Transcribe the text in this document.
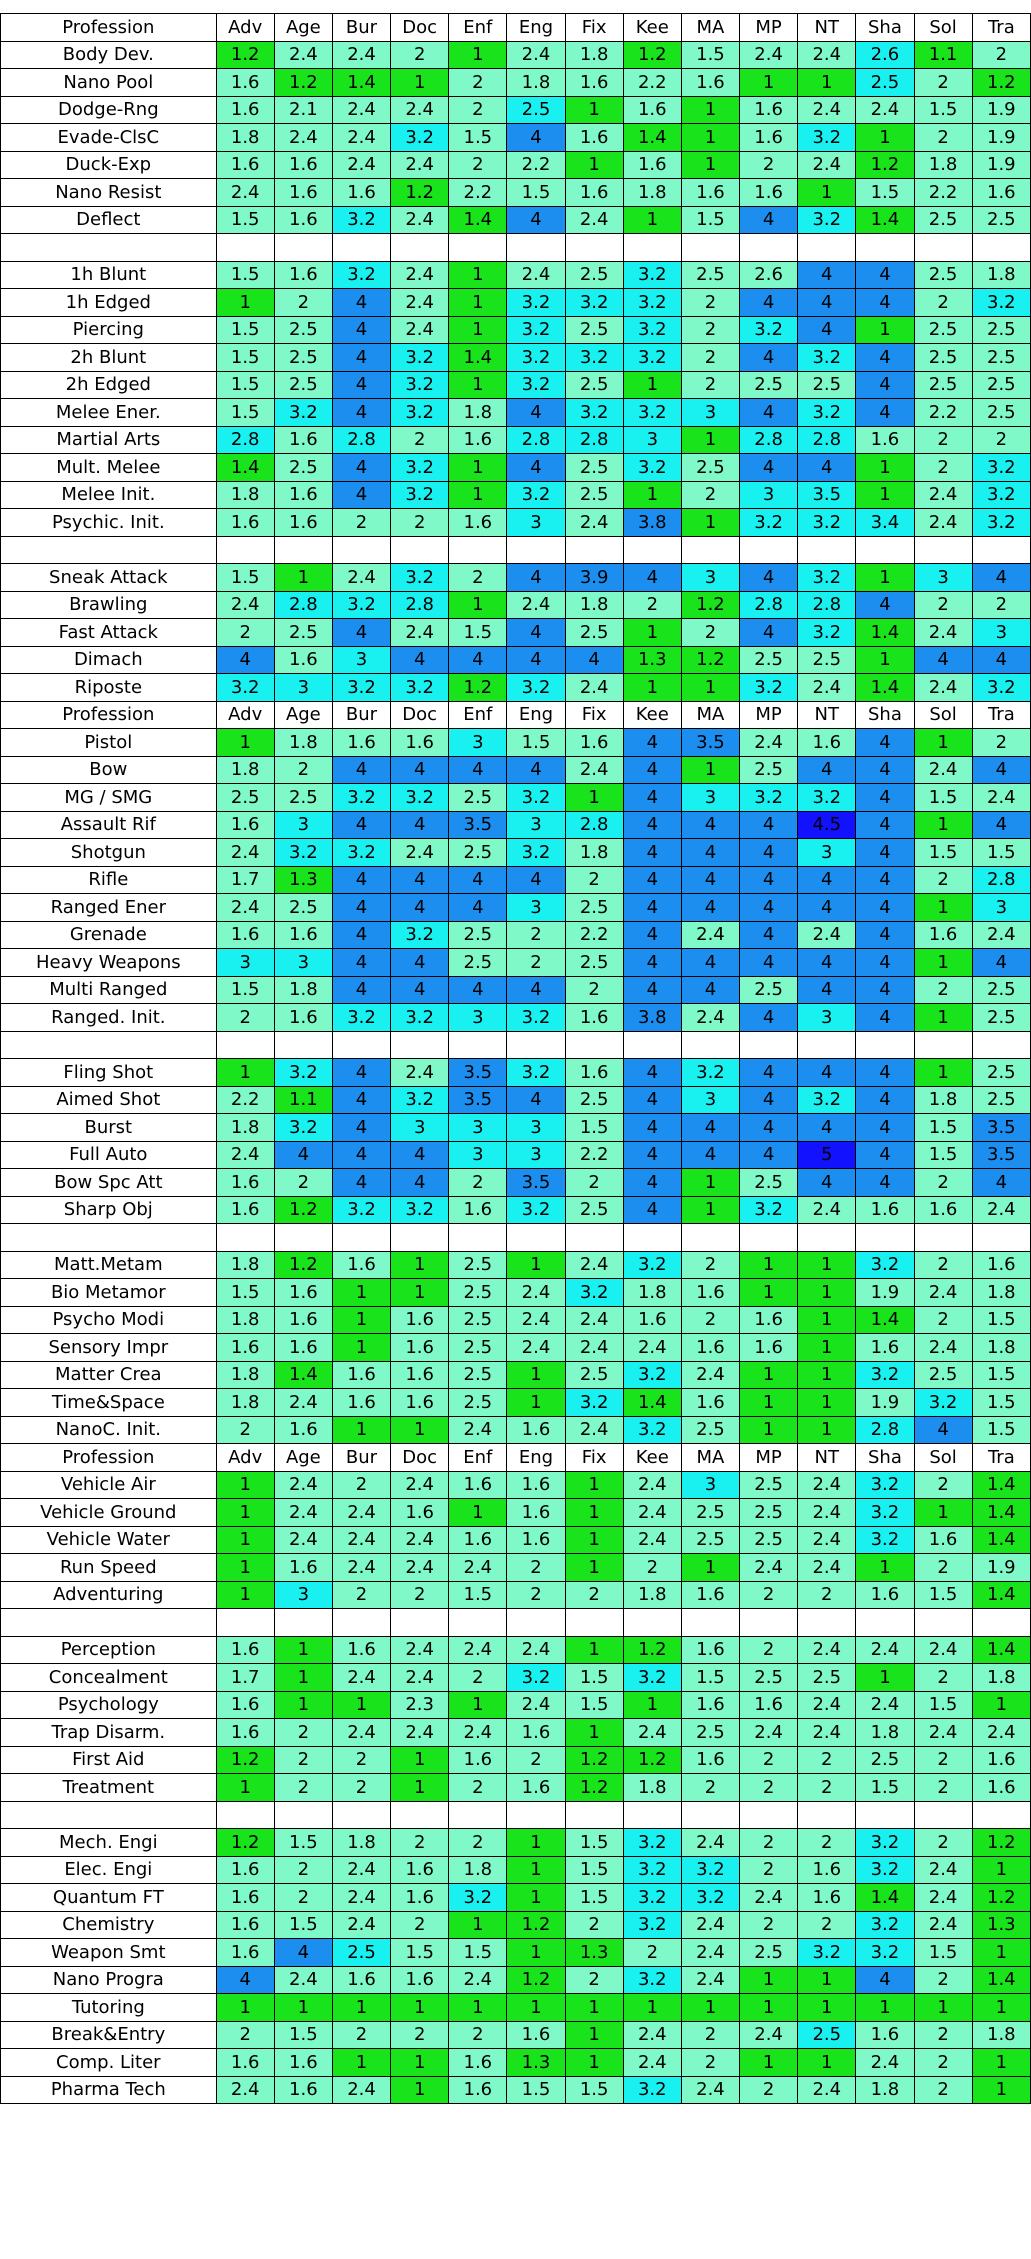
Profession	Adv	Age	Bur	Doc	Enf	Eng	Fix	Kee	MA	MP	NT	Sha	Sol	Tra
Body Dev.	1.2	2.4	2.4	2	1	2.4	1.8	1.2	1.5	2.4	2.4	2.6	1.1	2
Nano Pool	1.6	1.2	1.4	1	2	1.8	1.6	2.2	1.6	1	1	2.5	2	1.2
Dodge-Rng	1.6	2.1	2.4	2.4	2	2.5	1	1.6	1	1.6	2.4	2.4	1.5	1.9
Evade-ClsC	1.8	2.4	2.4	3.2	1.5	4	1.6	1.4	1	1.6	3.2	1	2	1.9
Duck-Exp	1.6	1.6	2.4	2.4	2	2.2	1	1.6	1	2	2.4	1.2	1.8	1.9
Nano Resist	2.4	1.6	1.6	1.2	2.2	1.5	1.6	1.8	1.6	1.6	1	1.5	2.2	1.6
Deflect	1.5	1.6	3.2	2.4	1.4	4	2.4	1	1.5	4	3.2	1.4	2.5	2.5

1h Blunt	1.5	1.6	3.2	2.4	1	2.4	2.5	3.2	2.5	2.6	4	4	2.5	1.8
1h Edged	1	2	4	2.4	1	3.2	3.2	3.2	2	4	4	4	2	3.2
Piercing	1.5	2.5	4	2.4	1	3.2	2.5	3.2	2	3.2	4	1	2.5	2.5
2h Blunt	1.5	2.5	4	3.2	1.4	3.2	3.2	3.2	2	4	3.2	4	2.5	2.5
2h Edged	1.5	2.5	4	3.2	1	3.2	2.5	1	2	2.5	2.5	4	2.5	2.5
Melee Ener.	1.5	3.2	4	3.2	1.8	4	3.2	3.2	3	4	3.2	4	2.2	2.5
Martial Arts	2.8	1.6	2.8	2	1.6	2.8	2.8	3	1	2.8	2.8	1.6	2	2
Mult. Melee	1.4	2.5	4	3.2	1	4	2.5	3.2	2.5	4	4	1	2	3.2
Melee Init.	1.8	1.6	4	3.2	1	3.2	2.5	1	2	3	3.5	1	2.4	3.2
Psychic. Init.	1.6	1.6	2	2	1.6	3	2.4	3.8	1	3.2	3.2	3.4	2.4	3.2

Sneak Attack	1.5	1	2.4	3.2	2	4	3.9	4	3	4	3.2	1	3	4
Brawling	2.4	2.8	3.2	2.8	1	2.4	1.8	2	1.2	2.8	2.8	4	2	2
Fast Attack	2	2.5	4	2.4	1.5	4	2.5	1	2	4	3.2	1.4	2.4	3
Dimach	4	1.6	3	4	4	4	4	1.3	1.2	2.5	2.5	1	4	4
Riposte	3.2	3	3.2	3.2	1.2	3.2	2.4	1	1	3.2	2.4	1.4	2.4	3.2
Profession	Adv	Age	Bur	Doc	Enf	Eng	Fix	Kee	MA	MP	NT	Sha	Sol	Tra
Pistol	1	1.8	1.6	1.6	3	1.5	1.6	4	3.5	2.4	1.6	4	1	2
Bow	1.8	2	4	4	4	4	2.4	4	1	2.5	4	4	2.4	4
MG / SMG	2.5	2.5	3.2	3.2	2.5	3.2	1	4	3	3.2	3.2	4	1.5	2.4
Assault Rif	1.6	3	4	4	3.5	3	2.8	4	4	4	4.5	4	1	4
Shotgun	2.4	3.2	3.2	2.4	2.5	3.2	1.8	4	4	4	3	4	1.5	1.5
Rifle	1.7	1.3	4	4	4	4	2	4	4	4	4	4	2	2.8
Ranged Ener	2.4	2.5	4	4	4	3	2.5	4	4	4	4	4	1	3
Grenade	1.6	1.6	4	3.2	2.5	2	2.2	4	2.4	4	2.4	4	1.6	2.4
Heavy Weapons	3	3	4	4	2.5	2	2.5	4	4	4	4	4	1	4
Multi Ranged	1.5	1.8	4	4	4	4	2	4	4	2.5	4	4	2	2.5
Ranged. Init.	2	1.6	3.2	3.2	3	3.2	1.6	3.8	2.4	4	3	4	1	2.5

Fling Shot	1	3.2	4	2.4	3.5	3.2	1.6	4	3.2	4	4	4	1	2.5
Aimed Shot	2.2	1.1	4	3.2	3.5	4	2.5	4	3	4	3.2	4	1.8	2.5
Burst	1.8	3.2	4	3	3	3	1.5	4	4	4	4	4	1.5	3.5
Full Auto	2.4	4	4	4	3	3	2.2	4	4	4	5	4	1.5	3.5
Bow Spc Att	1.6	2	4	4	2	3.5	2	4	1	2.5	4	4	2	4
Sharp Obj	1.6	1.2	3.2	3.2	1.6	3.2	2.5	4	1	3.2	2.4	1.6	1.6	2.4

Matt.Metam	1.8	1.2	1.6	1	2.5	1	2.4	3.2	2	1	1	3.2	2	1.6
Bio Metamor	1.5	1.6	1	1	2.5	2.4	3.2	1.8	1.6	1	1	1.9	2.4	1.8
Psycho Modi	1.8	1.6	1	1.6	2.5	2.4	2.4	1.6	2	1.6	1	1.4	2	1.5
Sensory Impr	1.6	1.6	1	1.6	2.5	2.4	2.4	2.4	1.6	1.6	1	1.6	2.4	1.8
Matter Crea	1.8	1.4	1.6	1.6	2.5	1	2.5	3.2	2.4	1	1	3.2	2.5	1.5
Time&Space	1.8	2.4	1.6	1.6	2.5	1	3.2	1.4	1.6	1	1	1.9	3.2	1.5
NanoC. Init.	2	1.6	1	1	2.4	1.6	2.4	3.2	2.5	1	1	2.8	4	1.5
Profession	Adv	Age	Bur	Doc	Enf	Eng	Fix	Kee	MA	MP	NT	Sha	Sol	Tra
Vehicle Air	1	2.4	2	2.4	1.6	1.6	1	2.4	3	2.5	2.4	3.2	2	1.4
Vehicle Ground	1	2.4	2.4	1.6	1	1.6	1	2.4	2.5	2.5	2.4	3.2	1	1.4
Vehicle Water	1	2.4	2.4	2.4	1.6	1.6	1	2.4	2.5	2.5	2.4	3.2	1.6	1.4
Run Speed	1	1.6	2.4	2.4	2.4	2	1	2	1	2.4	2.4	1	2	1.9
Adventuring	1	3	2	2	1.5	2	2	1.8	1.6	2	2	1.6	1.5	1.4

Perception	1.6	1	1.6	2.4	2.4	2.4	1	1.2	1.6	2	2.4	2.4	2.4	1.4
Concealment	1.7	1	2.4	2.4	2	3.2	1.5	3.2	1.5	2.5	2.5	1	2	1.8
Psychology	1.6	1	1	2.3	1	2.4	1.5	1	1.6	1.6	2.4	2.4	1.5	1
Trap Disarm.	1.6	2	2.4	2.4	2.4	1.6	1	2.4	2.5	2.4	2.4	1.8	2.4	2.4
First Aid	1.2	2	2	1	1.6	2	1.2	1.2	1.6	2	2	2.5	2	1.6
Treatment	1	2	2	1	2	1.6	1.2	1.8	2	2	2	1.5	2	1.6

Mech. Engi	1.2	1.5	1.8	2	2	1	1.5	3.2	2.4	2	2	3.2	2	1.2
Elec. Engi	1.6	2	2.4	1.6	1.8	1	1.5	3.2	3.2	2	1.6	3.2	2.4	1
Quantum FT	1.6	2	2.4	1.6	3.2	1	1.5	3.2	3.2	2.4	1.6	1.4	2.4	1.2
Chemistry	1.6	1.5	2.4	2	1	1.2	2	3.2	2.4	2	2	3.2	2.4	1.3
Weapon Smt	1.6	4	2.5	1.5	1.5	1	1.3	2	2.4	2.5	3.2	3.2	1.5	1
Nano Progra	4	2.4	1.6	1.6	2.4	1.2	2	3.2	2.4	1	1	4	2	1.4
Tutoring	1	1	1	1	1	1	1	1	1	1	1	1	1	1
Break&Entry	2	1.5	2	2	2	1.6	1	2.4	2	2.4	2.5	1.6	2	1.8
Comp. Liter	1.6	1.6	1	1	1.6	1.3	1	2.4	2	1	1	2.4	2	1
Pharma Tech	2.4	1.6	2.4	1	1.6	1.5	1.5	3.2	2.4	2	2.4	1.8	2	1
